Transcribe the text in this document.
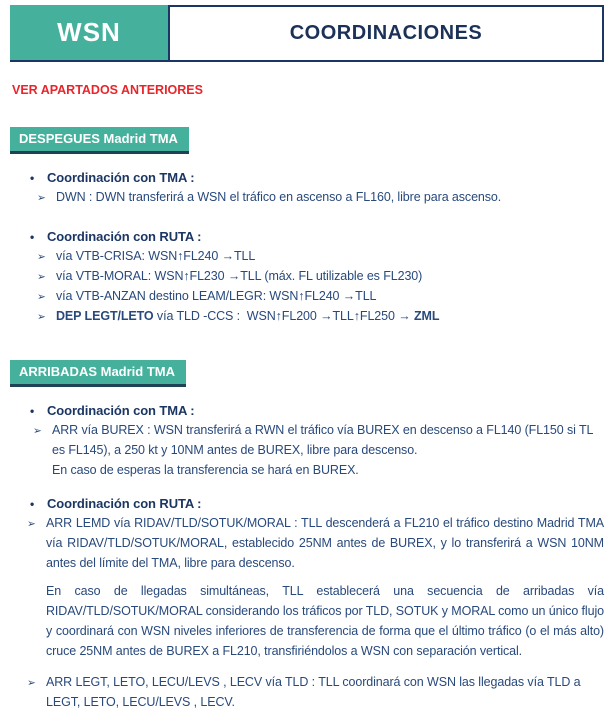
WSN	COORDINACIONES
VER APARTADOS ANTERIORES
DESPEGUES Madrid TMA
• Coordinación con TMA :
➢ DWN : DWN transferirá a WSN el tráfico en ascenso a FL160, libre para ascenso.
• Coordinación con RUTA :
➢ vía VTB-CRISA: WSN↑FL240 →TLL
➢ vía VTB-MORAL: WSN↑FL230 →TLL (máx. FL utilizable es FL230)
➢ vía VTB-ANZAN destino LEAM/LEGR: WSN↑FL240 →TLL
➢ DEP LEGT/LETO vía TLD -CCS :  WSN↑FL200 →TLL↑FL250 → ZML
ARRIBADAS Madrid TMA
• Coordinación con TMA :
➢ ARR vía BUREX : WSN transferirá a RWN el tráfico vía BUREX en descenso a FL140 (FL150 si TL es FL145), a 250 kt y 10NM antes de BUREX, libre para descenso.
En caso de esperas la transferencia se hará en BUREX.
• Coordinación con RUTA :
➢ ARR LEMD vía RIDAV/TLD/SOTUK/MORAL : TLL descenderá a FL210 el tráfico destino Madrid TMA vía RIDAV/TLD/SOTUK/MORAL, establecido 25NM antes de BUREX, y lo transferirá a WSN 10NM antes del límite del TMA, libre para descenso.
En caso de llegadas simultáneas, TLL establecerá una secuencia de arribadas vía RIDAV/TLD/SOTUK/MORAL considerando los tráficos por TLD, SOTUK y MORAL como un único flujo y coordinará con WSN niveles inferiores de transferencia de forma que el último tráfico (o el más alto) cruce 25NM antes de BUREX a FL210, transfiriéndolos a WSN con separación vertical.
➢ ARR LEGT, LETO, LECU/LEVS , LECV vía TLD : TLL coordinará con WSN las llegadas vía TLD a LEGT, LETO, LECU/LEVS , LECV.
